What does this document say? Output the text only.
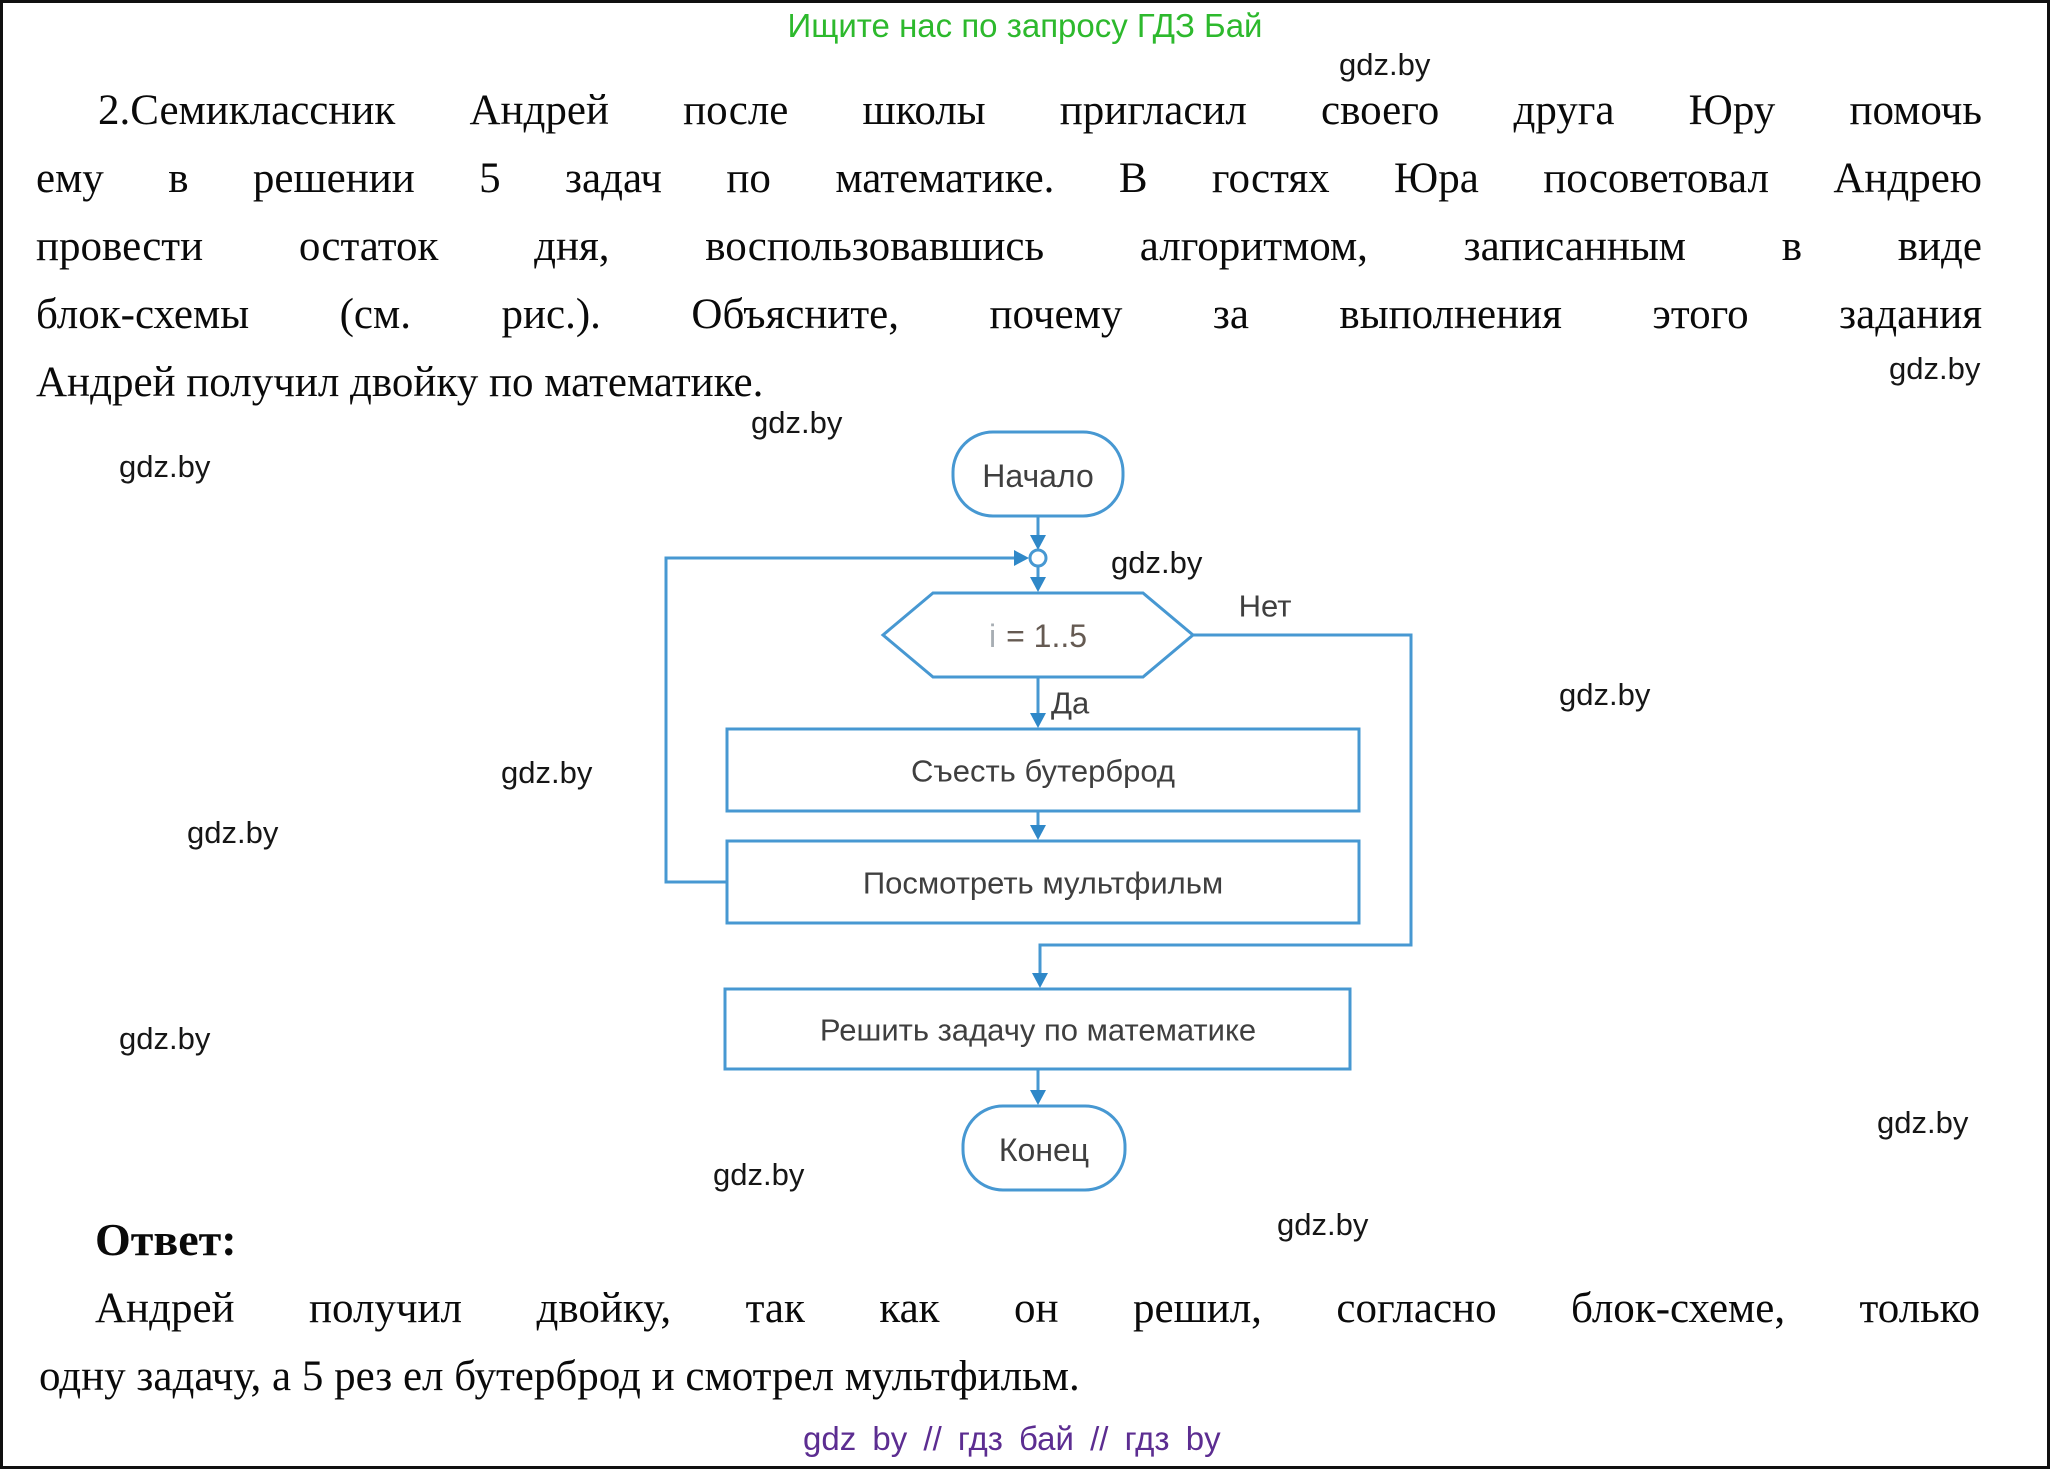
Ищите нас по запросу ГДЗ Бай
gdz.by
gdz.by
gdz.by
gdz.by
gdz.by
gdz.by
gdz.by
gdz.by
gdz.by
gdz.by
gdz.by
gdz.by
2.Семиклассник Андрей после школы пригласил своего друга Юру помочь
ему в решении 5 задач по математике. В гостях Юра посоветовал Андрею
провести остаток дня, воспользовавшись алгоритмом, записанным в виде
блок-схемы (см. рис.). Объясните, почему за выполнения этого задания
Андрей получил двойку по математике.
Начало
i = 1..5
Нет
Да
Съесть бутерброд
Посмотреть мультфильм
Решить задачу по математике
Конец
Ответ:
Андрей получил двойку, так как он решил, согласно блок-схеме, только
одну задачу, а 5 рез ел бутерброд и смотрел мультфильм.
gdz by // гдз бай // гдз by
